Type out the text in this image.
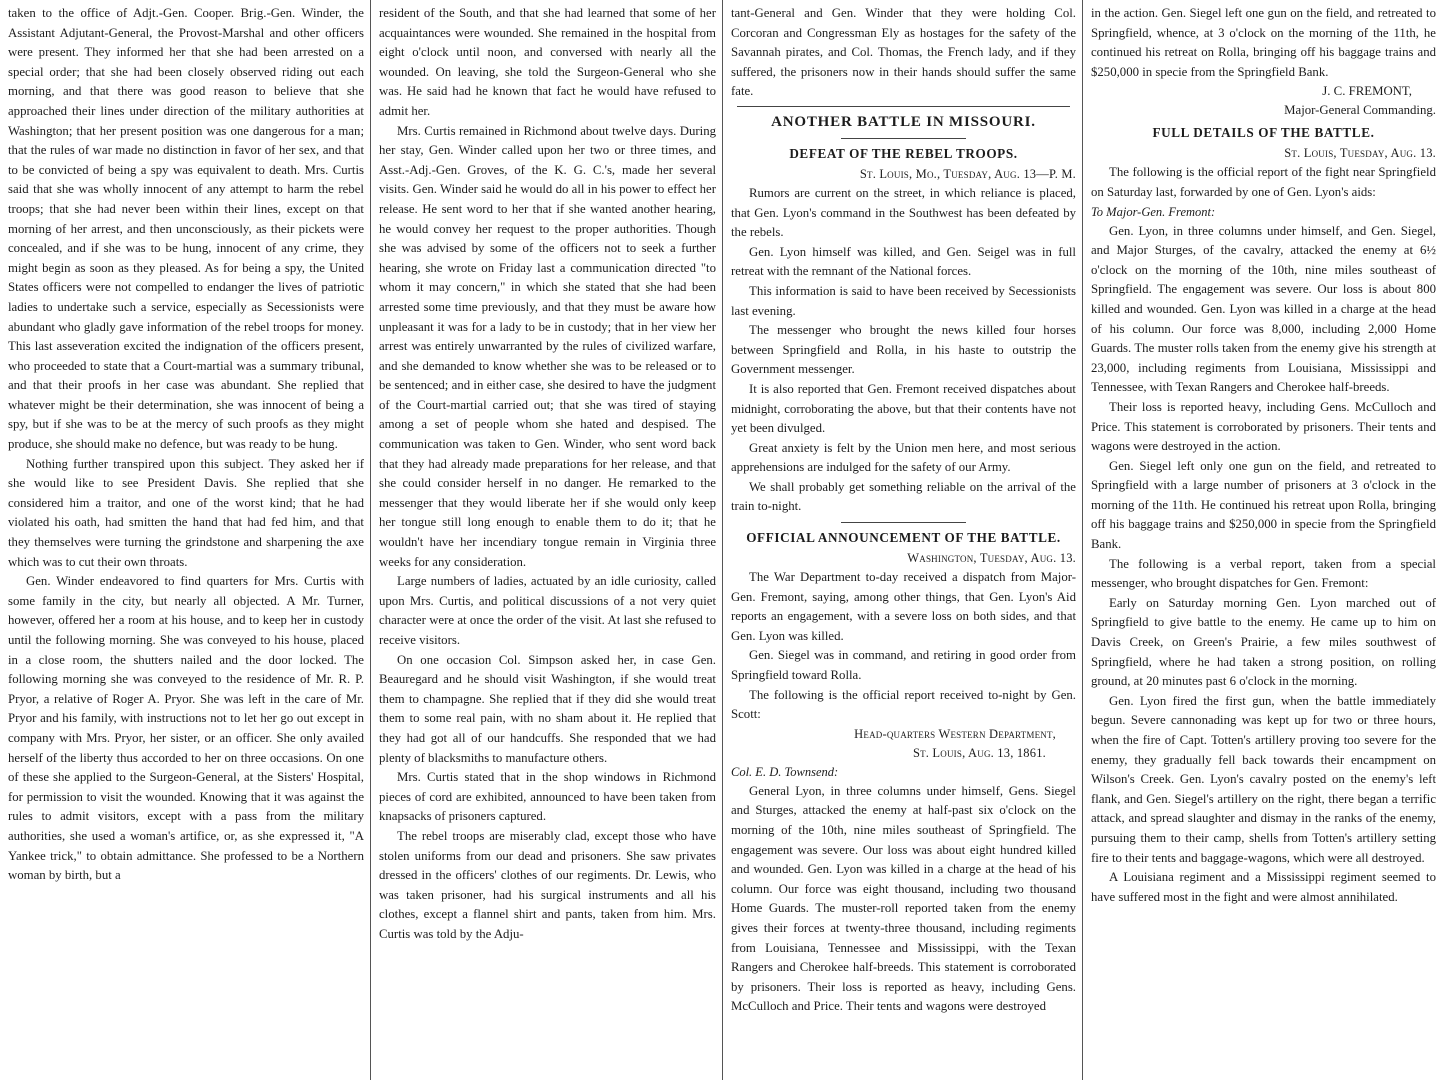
taken to the office of Adjt.-Gen. Cooper. Brig.-Gen. Winder, the Assistant Adjutant-General, the Provost-Marshal and other officers were present. They informed her that she had been arrested on a special order; that she had been closely observed riding out each morning, and that there was good reason to believe that she approached their lines under direction of the military authorities at Washington; that her present position was one dangerous for a man; that the rules of war made no distinction in favor of her sex, and that to be convicted of being a spy was equivalent to death. Mrs. Curtis said that she was wholly innocent of any attempt to harm the rebel troops; that she had never been within their lines, except on that morning of her arrest, and then unconsciously, as their pickets were concealed, and if she was to be hung, innocent of any crime, they might begin as soon as they pleased. As for being a spy, the United States officers were not compelled to endanger the lives of patriotic ladies to undertake such a service, especially as Secessionists were abundant who gladly gave information of the rebel troops for money. This last asseveration excited the indignation of the officers present, who proceeded to state that a Court-martial was a summary tribunal, and that their proofs in her case was abundant. She replied that whatever might be their determination, she was innocent of being a spy, but if she was to be at the mercy of such proofs as they might produce, she should make no defence, but was ready to be hung.

Nothing further transpired upon this subject. They asked her if she would like to see President Davis. She replied that she considered him a traitor, and one of the worst kind; that he had violated his oath, had smitten the hand that had fed him, and that they themselves were turning the grindstone and sharpening the axe which was to cut their own throats.

Gen. Winder endeavored to find quarters for Mrs. Curtis with some family in the city, but nearly all objected. A Mr. Turner, however, offered her a room at his house, and to keep her in custody until the following morning. She was conveyed to his house, placed in a close room, the shutters nailed and the door locked. The following morning she was conveyed to the residence of Mr. R. P. Pryor, a relative of Roger A. Pryor. She was left in the care of Mr. Pryor and his family, with instructions not to let her go out except in company with Mrs. Pryor, her sister, or an officer. She only availed herself of the liberty thus accorded to her on three occasions. On one of these she applied to the Surgeon-General, at the Sisters' Hospital, for permission to visit the wounded. Knowing that it was against the rules to admit visitors, except with a pass from the military authorities, she used a woman's artifice, or, as she expressed it, "A Yankee trick," to obtain admittance. She professed to be a Northern woman by birth, but a

resident of the South, and that she had learned that some of her acquaintances were wounded. She remained in the hospital from eight o'clock until noon, and conversed with nearly all the wounded. On leaving, she told the Surgeon-General who she was. He said had he known that fact he would have refused to admit her.

Mrs. Curtis remained in Richmond about twelve days. During her stay, Gen. Winder called upon her two or three times, and Asst.-Adj.-Gen. Groves, of the K. G. C.'s, made her several visits. Gen. Winder said he would do all in his power to effect her release. He sent word to her that if she wanted another hearing, he would convey her request to the proper authorities. Though she was advised by some of the officers not to seek a further hearing, she wrote on Friday last a communication directed "to whom it may concern," in which she stated that she had been arrested some time previously, and that they must be aware how unpleasant it was for a lady to be in custody; that in her view her arrest was entirely unwarranted by the rules of civilized warfare, and she demanded to know whether she was to be released or to be sentenced; and in either case, she desired to have the judgment of the Court-martial carried out; that she was tired of staying among a set of people whom she hated and despised. The communication was taken to Gen. Winder, who sent word back that they had already made preparations for her release, and that she could consider herself in no danger. He remarked to the messenger that they would liberate her if she would only keep her tongue still long enough to enable them to do it; that he wouldn't have her incendiary tongue remain in Virginia three weeks for any consideration.

Large numbers of ladies, actuated by an idle curiosity, called upon Mrs. Curtis, and political discussions of a not very quiet character were at once the order of the visit. At last she refused to receive visitors.

On one occasion Col. Simpson asked her, in case Gen. Beauregard and he should visit Washington, if she would treat them to champagne. She replied that if they did she would treat them to some real pain, with no sham about it. He replied that they had got all of our handcuffs. She responded that we had plenty of blacksmiths to manufacture others.

Mrs. Curtis stated that in the shop windows in Richmond pieces of cord are exhibited, announced to have been taken from knapsacks of prisoners captured.

The rebel troops are miserably clad, except those who have stolen uniforms from our dead and prisoners. She saw privates dressed in the officers' clothes of our regiments. Dr. Lewis, who was taken prisoner, had his surgical instruments and all his clothes, except a flannel shirt and pants, taken from him. Mrs. Curtis was told by the Adju-

tant-General and Gen. Winder that they were holding Col. Corcoran and Congressman Ely as hostages for the safety of the Savannah pirates, and Col. Thomas, the French lady, and if they suffered, the prisoners now in their hands should suffer the same fate.

ANOTHER BATTLE IN MISSOURI.
DEFEAT OF THE REBEL TROOPS.

St. Louis, Mo., Tuesday, Aug. 13—P. M.

Rumors are current on the street, in which reliance is placed, that Gen. Lyon's command in the Southwest has been defeated by the rebels.

Gen. Lyon himself was killed, and Gen. Seigel was in full retreat with the remnant of the National forces.

This information is said to have been received by Secessionists last evening.

The messenger who brought the news killed four horses between Springfield and Rolla, in his haste to outstrip the Government messenger.

It is also reported that Gen. Fremont received dispatches about midnight, corroborating the above, but that their contents have not yet been divulged.

Great anxiety is felt by the Union men here, and most serious apprehensions are indulged for the safety of our Army.

We shall probably get something reliable on the arrival of the train to-night.

OFFICIAL ANNOUNCEMENT OF THE BATTLE.

Washington, Tuesday, Aug. 13.

The War Department to-day received a dispatch from Major-Gen. Fremont, saying, among other things, that Gen. Lyon's Aid reports an engagement, with a severe loss on both sides, and that Gen. Lyon was killed.

Gen. Siegel was in command, and retiring in good order from Springfield toward Rolla.

The following is the official report received to-night by Gen. Scott:

Head-quarters Western Department,

St. Louis, Aug. 13, 1861.

Col. E. D. Townsend:

General Lyon, in three columns under himself, Gens. Siegel and Sturges, attacked the enemy at half-past six o'clock on the morning of the 10th, nine miles southeast of Springfield. The engagement was severe. Our loss was about eight hundred killed and wounded. Gen. Lyon was killed in a charge at the head of his column. Our force was eight thousand, including two thousand Home Guards. The muster-roll reported taken from the enemy gives their forces at twenty-three thousand, including regiments from Louisiana, Tennessee and Mississippi, with the Texan Rangers and Cherokee half-breeds. This statement is corroborated by prisoners. Their loss is reported as heavy, including Gens. McCulloch and Price. Their tents and wagons were destroyed

in the action. Gen. Siegel left one gun on the field, and retreated to Springfield, whence, at 3 o'clock on the morning of the 11th, he continued his retreat on Rolla, bringing off his baggage trains and $250,000 in specie from the Springfield Bank.

J. C. FREMONT,

Major-General Commanding.

FULL DETAILS OF THE BATTLE.

St. Louis, Tuesday, Aug. 13.

The following is the official report of the fight near Springfield on Saturday last, forwarded by one of Gen. Lyon's aids:

To Major-Gen. Fremont:

Gen. Lyon, in three columns under himself, and Gen. Siegel, and Major Sturges, of the cavalry, attacked the enemy at 6½ o'clock on the morning of the 10th, nine miles southeast of Springfield. The engagement was severe. Our loss is about 800 killed and wounded. Gen. Lyon was killed in a charge at the head of his column. Our force was 8,000, including 2,000 Home Guards. The muster rolls taken from the enemy give his strength at 23,000, including regiments from Louisiana, Mississippi and Tennessee, with Texan Rangers and Cherokee half-breeds.

Their loss is reported heavy, including Gens. McCulloch and Price. This statement is corroborated by prisoners. Their tents and wagons were destroyed in the action.

Gen. Siegel left only one gun on the field, and retreated to Springfield with a large number of prisoners at 3 o'clock in the morning of the 11th. He continued his retreat upon Rolla, bringing off his baggage trains and $250,000 in specie from the Springfield Bank.

The following is a verbal report, taken from a special messenger, who brought dispatches for Gen. Fremont:

Early on Saturday morning Gen. Lyon marched out of Springfield to give battle to the enemy. He came up to him on Davis Creek, on Green's Prairie, a few miles southwest of Springfield, where he had taken a strong position, on rolling ground, at 20 minutes past 6 o'clock in the morning.

Gen. Lyon fired the first gun, when the battle immediately begun. Severe cannonading was kept up for two or three hours, when the fire of Capt. Totten's artillery proving too severe for the enemy, they gradually fell back towards their encampment on Wilson's Creek. Gen. Lyon's cavalry posted on the enemy's left flank, and Gen. Siegel's artillery on the right, there began a terrific attack, and spread slaughter and dismay in the ranks of the enemy, pursuing them to their camp, shells from Totten's artillery setting fire to their tents and baggage-wagons, which were all destroyed.

A Louisiana regiment and a Mississippi regiment seemed to have suffered most in the fight and were almost annihilated.
